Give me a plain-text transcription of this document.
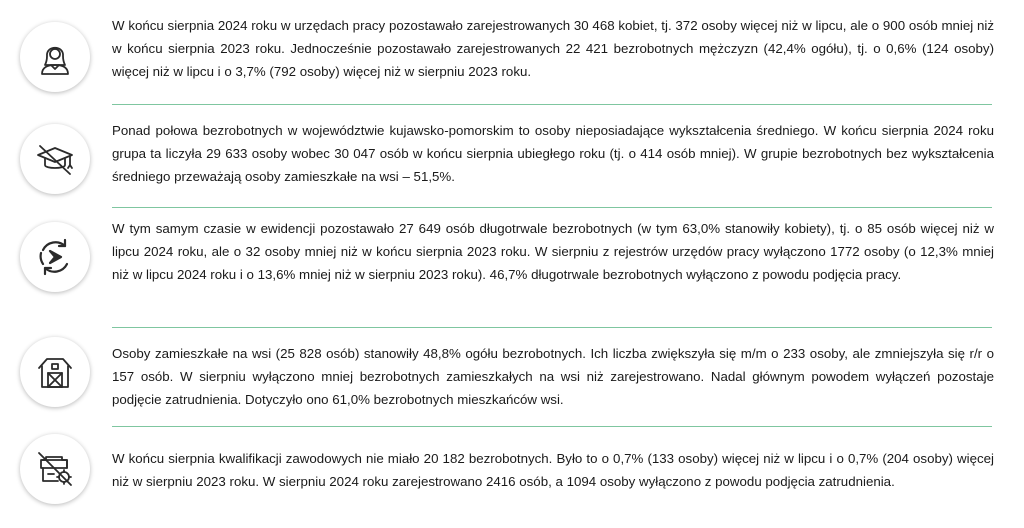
W końcu sierpnia 2024 roku w urzędach pracy pozostawało zarejestrowanych 30 468 kobiet, tj. 372 osoby więcej niż w lipcu, ale o 900 osób mniej niż w końcu sierpnia 2023 roku. Jednocześnie pozostawało zarejestrowanych 22 421 bezrobotnych mężczyzn (42,4% ogółu), tj. o 0,6% (124 osoby) więcej niż w lipcu i o 3,7% (792 osoby) więcej niż w sierpniu 2023 roku.

Ponad połowa bezrobotnych w województwie kujawsko-pomorskim to osoby nieposiadające wykształcenia średniego. W końcu sierpnia 2024 roku grupa ta liczyła 29 633 osoby wobec 30 047 osób w końcu sierpnia ubiegłego roku (tj. o 414 osób mniej). W grupie bezrobotnych bez wykształcenia średniego przeważają osoby zamieszkałe na wsi – 51,5%.

W tym samym czasie w ewidencji pozostawało 27 649 osób długotrwale bezrobotnych (w tym 63,0% stanowiły kobiety), tj. o 85 osób więcej niż w lipcu 2024 roku, ale o 32 osoby mniej niż w końcu sierpnia 2023 roku. W sierpniu z rejestrów urzędów pracy wyłączono 1772 osoby (o 12,3% mniej niż w lipcu 2024 roku i o 13,6% mniej niż w sierpniu 2023 roku). 46,7% długotrwale bezrobotnych wyłączono z powodu podjęcia pracy.

Osoby zamieszkałe na wsi (25 828 osób) stanowiły 48,8% ogółu bezrobotnych. Ich liczba zwiększyła się m/m o 233 osoby, ale zmniejszyła się r/r o 157 osób. W sierpniu wyłączono mniej bezrobotnych zamieszkałych na wsi niż zarejestrowano. Nadal głównym powodem wyłączeń pozostaje podjęcie zatrudnienia. Dotyczyło ono 61,0% bezrobotnych mieszkańców wsi.

W końcu sierpnia kwalifikacji zawodowych nie miało 20 182 bezrobotnych. Było to o 0,7% (133 osoby) więcej niż w lipcu i o 0,7% (204 osoby) więcej niż w sierpniu 2023 roku. W sierpniu 2024 roku zarejestrowano 2416 osób, a 1094 osoby wyłączono z powodu podjęcia zatrudnienia.
